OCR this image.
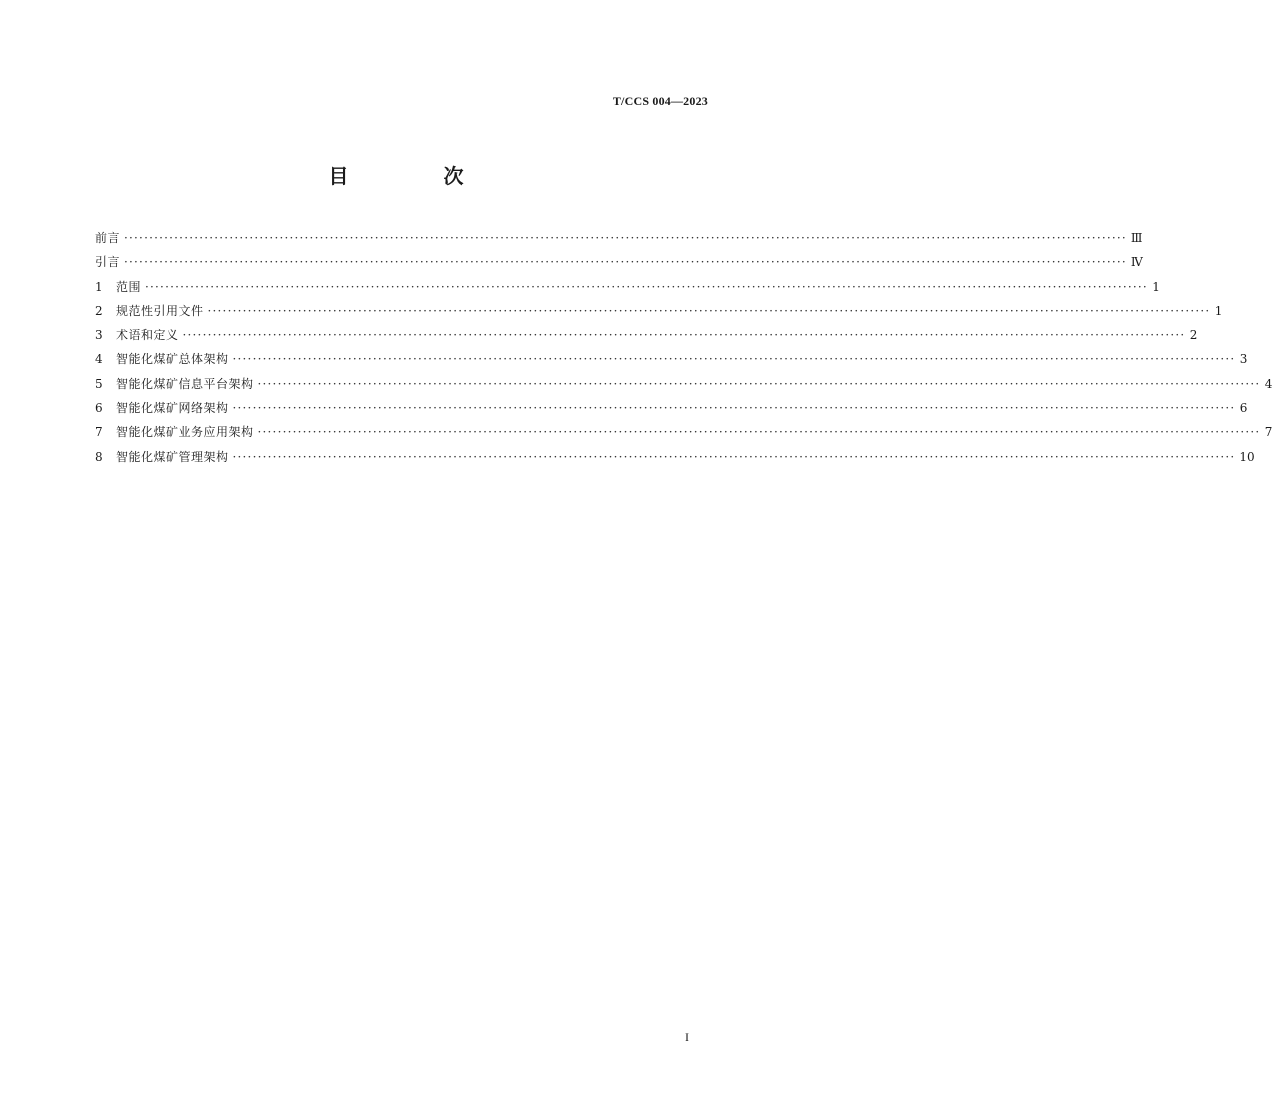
T/CCS 004—2023
目 次
前言 ········································································································································································································ Ⅲ
引言 ········································································································································································································ Ⅳ
1	范围 ········································································································································································································ 1
2	规范性引用文件 ········································································································································································································ 1
3	术语和定义 ········································································································································································································ 2
4	智能化煤矿总体架构 ········································································································································································································ 3
5	智能化煤矿信息平台架构 ········································································································································································································ 4
6	智能化煤矿网络架构 ········································································································································································································ 6
7	智能化煤矿业务应用架构 ········································································································································································································ 7
8	智能化煤矿管理架构 ········································································································································································································ 10
I
